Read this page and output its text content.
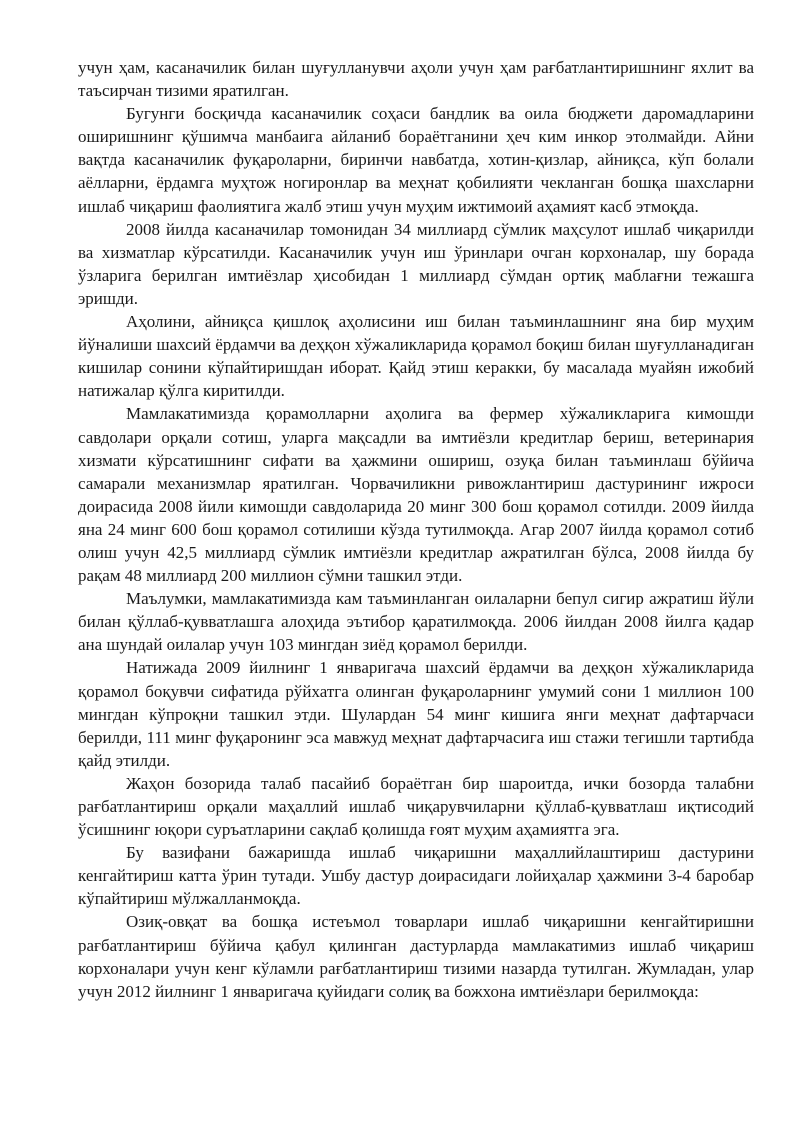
учун ҳам, касаначилик билан шуғулланувчи аҳоли учун ҳам рағбатлантиришнинг яхлит ва таъсирчан тизими яратилган.

Бугунги босқичда касаначилик соҳаси бандлик ва оила бюджети даромадларини оширишнинг қўшимча манбаига айланиб бораётганини ҳеч ким инкор этолмайди. Айни вақтда касаначилик фуқароларни, биринчи навбатда, хотин-қизлар, айниқса, кўп болали аёлларни, ёрдамга муҳтож ногиронлар ва меҳнат қобилияти чекланган бошқа шахсларни ишлаб чиқариш фаолиятига жалб этиш учун муҳим ижтимоий аҳамият касб этмоқда.

2008 йилда касаначилар томонидан 34 миллиард сўмлик маҳсулот ишлаб чиқарилди ва хизматлар кўрсатилди. Касаначилик учун иш ўринлари очган корхоналар, шу борада ўзларига берилган имтиёзлар ҳисобидан 1 миллиард сўмдан ортиқ маблағни тежашга эришди.

Аҳолини, айниқса қишлоқ аҳолисини иш билан таъминлашнинг яна бир муҳим йўналиши шахсий ёрдамчи ва деҳқон хўжаликларида қорамол боқиш билан шуғулланадиган кишилар сонини кўпайтиришдан иборат. Қайд этиш керакки, бу масалада муайян ижобий натижалар қўлга киритилди.

Мамлакатимизда қорамолларни аҳолига ва фермер хўжаликларига кимошди савдолари орқали сотиш, уларга мақсадли ва имтиёзли кредитлар бериш, ветеринария хизмати кўрсатишнинг сифати ва ҳажмини ошириш, озуқа билан таъминлаш бўйича самарали механизмлар яратилган. Чорвачиликни ривожлантириш дастурининг ижроси доирасида 2008 йили кимошди савдоларида 20 минг 300 бош қорамол сотилди. 2009 йилда яна 24 минг 600 бош қорамол сотилиши кўзда тутилмоқда. Агар 2007 йилда қорамол сотиб олиш учун 42,5 миллиард сўмлик имтиёзли кредитлар ажратилган бўлса, 2008 йилда бу рақам 48 миллиард 200 миллион сўмни ташкил этди.

Маълумки, мамлакатимизда кам таъминланган оилаларни бепул сигир ажратиш йўли билан қўллаб-қувватлашга алоҳида эътибор қаратилмоқда. 2006 йилдан 2008 йилга қадар ана шундай оилалар учун 103 мингдан зиёд қорамол берилди.

Натижада 2009 йилнинг 1 январигача шахсий ёрдамчи ва деҳқон хўжаликларида қорамол боқувчи сифатида рўйхатга олинган фуқароларнинг умумий сони 1 миллион 100 мингдан кўпроқни ташкил этди. Шулардан 54 минг кишига янги меҳнат дафтарчаси берилди, 111 минг фуқаронинг эса мавжуд меҳнат дафтарчасига иш стажи тегишли тартибда қайд этилди.

Жаҳон бозорида талаб пасайиб бораётган бир шароитда, ички бозорда талабни рағбатлантириш орқали маҳаллий ишлаб чиқарувчиларни қўллаб-қувватлаш иқтисодий ўсишнинг юқори суръатларини сақлаб қолишда ғоят муҳим аҳамиятга эга.

Бу вазифани бажаришда ишлаб чиқаришни маҳаллийлаштириш дастурини кенгайтириш катта ўрин тутади. Ушбу дастур доирасидаги лойиҳалар ҳажмини 3-4 баробар кўпайтириш мўлжалланмоқда.

Озиқ-овқат ва бошқа истеъмол товарлари ишлаб чиқаришни кенгайтиришни рағбатлантириш бўйича қабул қилинган дастурларда мамлакатимиз ишлаб чиқариш корхоналари учун кенг кўламли рағбатлантириш тизими назарда тутилган. Жумладан, улар учун 2012 йилнинг 1 январигача қуйидаги солиқ ва божхона имтиёзлари берилмоқда:
